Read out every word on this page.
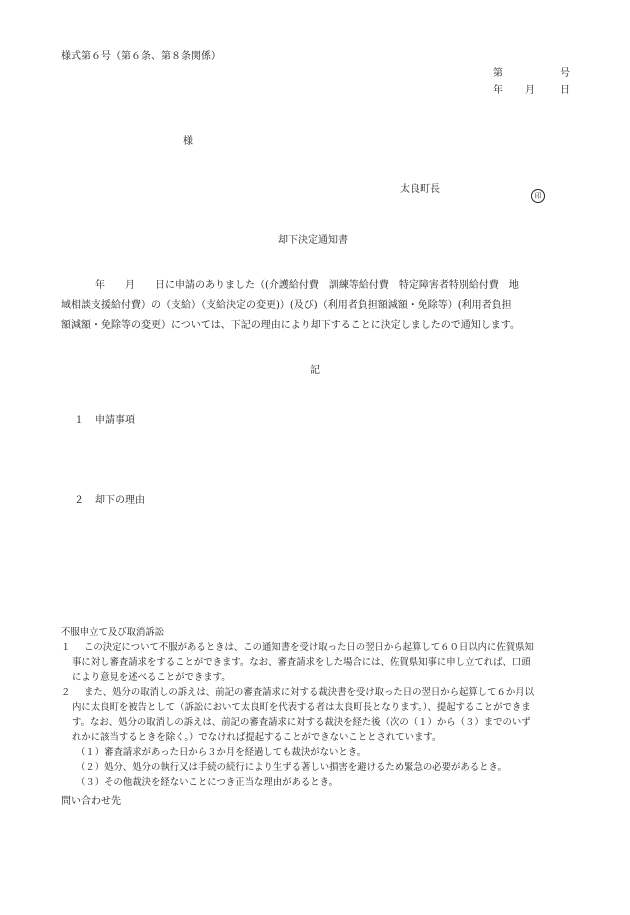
様式第６号（第６条、第８条関係）
第	号
年 月	日
様
太良町長
印
却下決定通知書
年　　月　　日に申請のありました（(介護給付費　訓練等給付費　特定障害者特別給付費　地
域相談支援給付費）の（支給）（支給決定の変更)）(及び)（利用者負担額減額・免除等）(利用者負担
額減額・免除等の変更）については、下記の理由により却下することに決定しましたので通知します。
記
１ 申請事項
２ 却下の理由
不服申立て及び取消訴訟
１ この決定について不服があるときは、この通知書を受け取った日の翌日から起算して６０日以内に佐賀県知
事に対し審査請求をすることができます。なお、審査請求をした場合には、佐賀県知事に申し立てれば、口頭
により意見を述べることができます。
２ また、処分の取消しの訴えは、前記の審査請求に対する裁決書を受け取った日の翌日から起算して６か月以
内に太良町を被告として（訴訟において太良町を代表する者は太良町長となります。）、提起することができま
す。なお、処分の取消しの訴えは、前記の審査請求に対する裁決を経た後（次の（１）から（３）までのいず
れかに該当するときを除く。）でなければ提起することができないこととされています。
（１）審査請求があった日から３か月を経過しても裁決がないとき。
（２）処分、処分の執行又は手続の続行により生ずる著しい損害を避けるため緊急の必要があるとき。
（３）その他裁決を経ないことにつき正当な理由があるとき。
問い合わせ先
